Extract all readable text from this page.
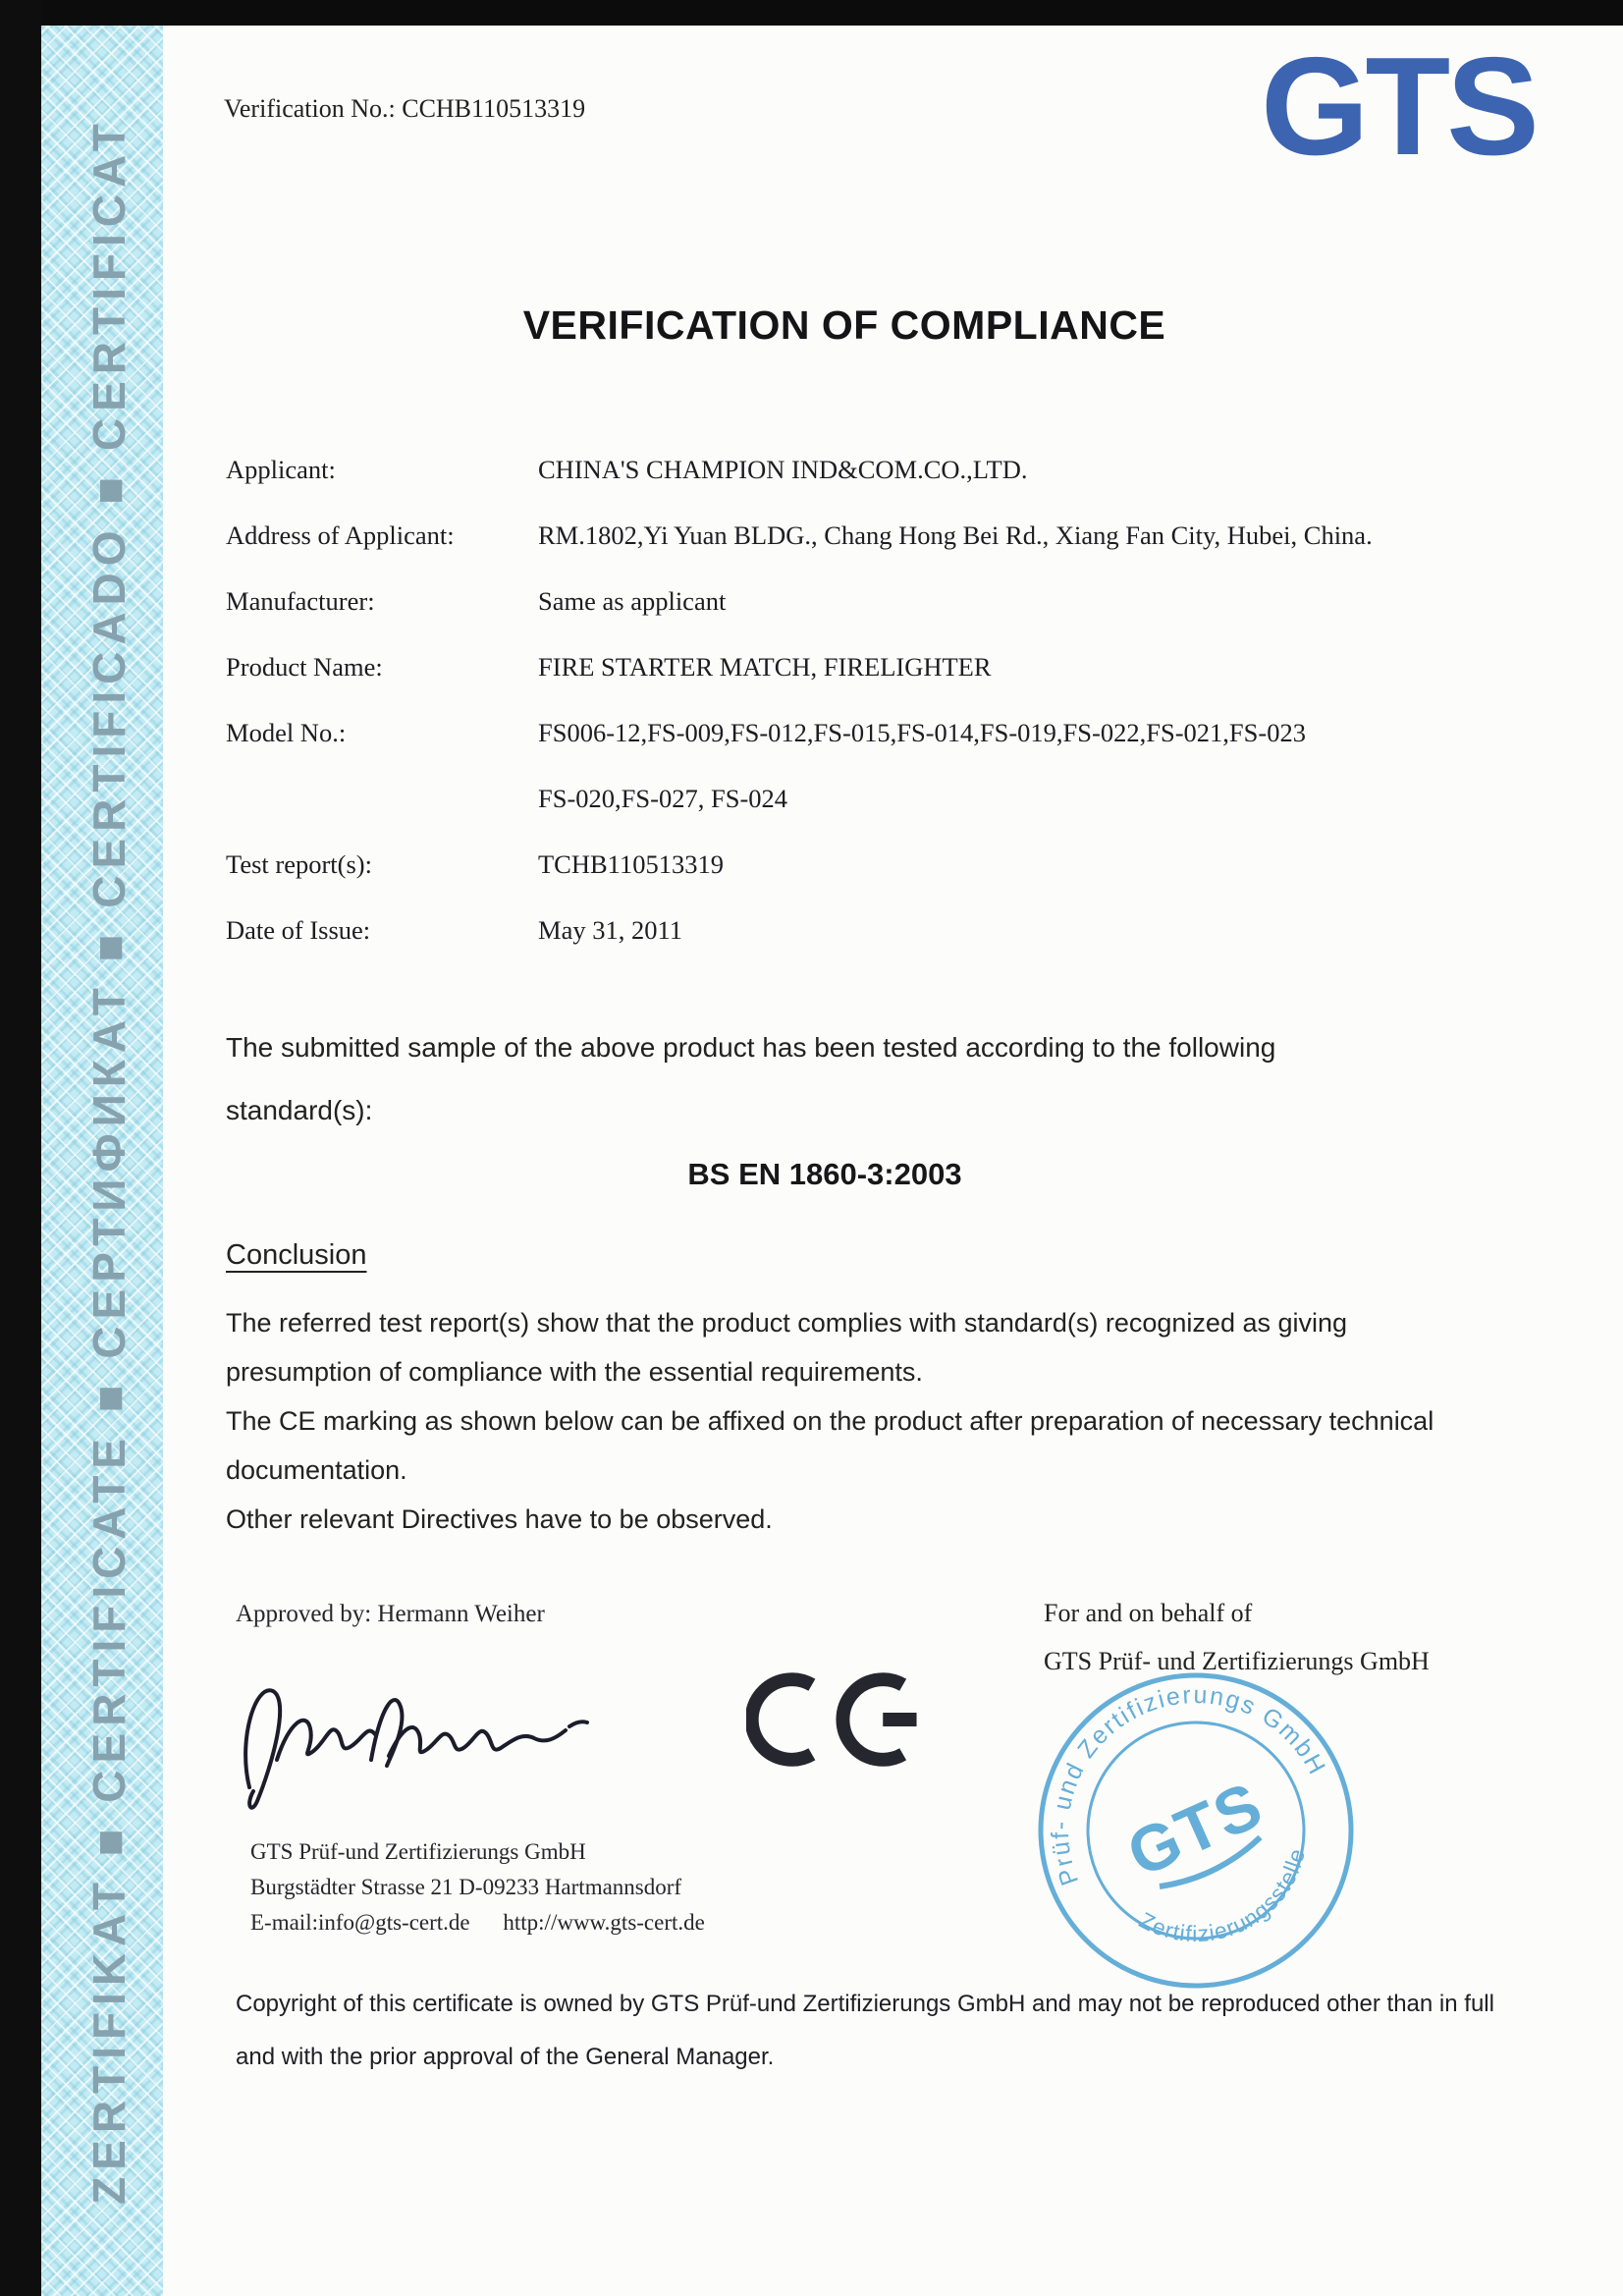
ZERTIFIKAT ■ CERTIFICATE ■ СЕРТИФИКАТ ■ CERTIFICADO ■ CERTIFICAT
Verification No.: CCHB110513319	GTS
VERIFICATION OF COMPLIANCE
Applicant:	CHINA'S CHAMPION IND&COM.CO.,LTD.
Address of Applicant:	RM.1802,Yi Yuan BLDG., Chang Hong Bei Rd., Xiang Fan City, Hubei, China.
Manufacturer:	Same as applicant
Product Name:	FIRE STARTER MATCH, FIRELIGHTER
Model No.:	FS006-12,FS-009,FS-012,FS-015,FS-014,FS-019,FS-022,FS-021,FS-023
FS-020,FS-027, FS-024
Test report(s):	TCHB110513319
Date of Issue:	May 31, 2011

The submitted sample of the above product has been tested according to the following standard(s):

BS EN 1860-3:2003
Conclusion

The referred test report(s) show that the product complies with standard(s) recognized as giving presumption of compliance with the essential requirements.

The CE marking as shown below can be affixed on the product after preparation of necessary technical documentation.

Other relevant Directives have to be observed.

Approved by: Hermann Weiher	For and on behalf of
GTS Prüf- und Zertifizierungs GmbH
Prüf- und Zertifizierungs GmbH
Zertifizierungsstelle
GTS
GTS Prüf-und Zertifizierungs GmbH
Burgstädter Strasse 21 D-09233 Hartmannsdorf
E-mail:info@gts-cert.de http://www.gts-cert.de

Copyright of this certificate is owned by GTS Prüf-und Zertifizierungs GmbH and may not be reproduced other than in full and with the prior approval of the General Manager.
